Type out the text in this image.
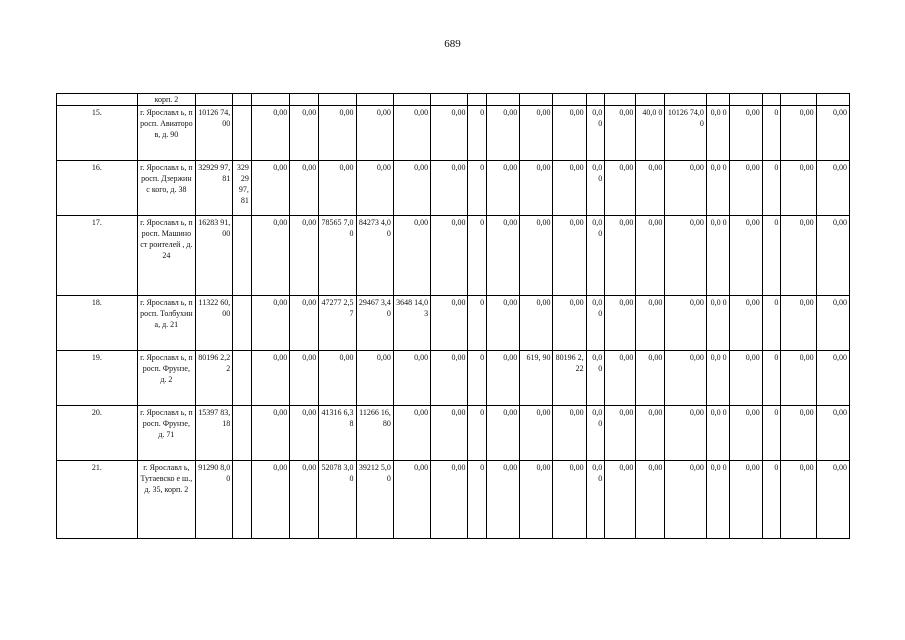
689
	корп. 2																					
15.	г. Ярославл ь, просп. Авиаторо в, д. 90	10126 74,00		0,00	0,00	0,00	0,00	0,00	0,00	0	0,00	0,00	0,00	0,0 0	0,00	40,0 0	10126 74,00	0,0 0	0,00	0	0,00	0,00
16.	г. Ярославл ь, просп. Дзержинс кого, д. 38	32929 97,81	32929 97,81	0,00	0,00	0,00	0,00	0,00	0,00	0	0,00	0,00	0,00	0,0 0	0,00	0,00	0,00	0,0 0	0,00	0	0,00	0,00
17.	г. Ярославл ь, просп. Машиност роителей , д. 24	16283 91,00		0,00	0,00	78565 7,00	84273 4,00	0,00	0,00	0	0,00	0,00	0,00	0,0 0	0,00	0,00	0,00	0,0 0	0,00	0	0,00	0,00
18.	г. Ярославл ь, просп. Толбухин а, д. 21	11322 60,00		0,00	0,00	47277 2,57	29467 3,40	3648 14,03	0,00	0	0,00	0,00	0,00	0,0 0	0,00	0,00	0,00	0,0 0	0,00	0	0,00	0,00
19.	г. Ярославл ь, просп. Фрунзе, д. 2	80196 2,22		0,00	0,00	0,00	0,00	0,00	0,00	0	0,00	619, 90	80196 2,22	0,0 0	0,00	0,00	0,00	0,0 0	0,00	0	0,00	0,00
20.	г. Ярославл ь, просп. Фрунзе, д. 71	15397 83,18		0,00	0,00	41316 6,38	11266 16,80	0,00	0,00	0	0,00	0,00	0,00	0,0 0	0,00	0,00	0,00	0,0 0	0,00	0	0,00	0,00
21.	г. Ярославл ь, Тутаевско е ш., д. 35, корп. 2	91290 8,00		0,00	0,00	52078 3,00	39212 5,00	0,00	0,00	0	0,00	0,00	0,00	0,0 0	0,00	0,00	0,00	0,0 0	0,00	0	0,00	0,00
